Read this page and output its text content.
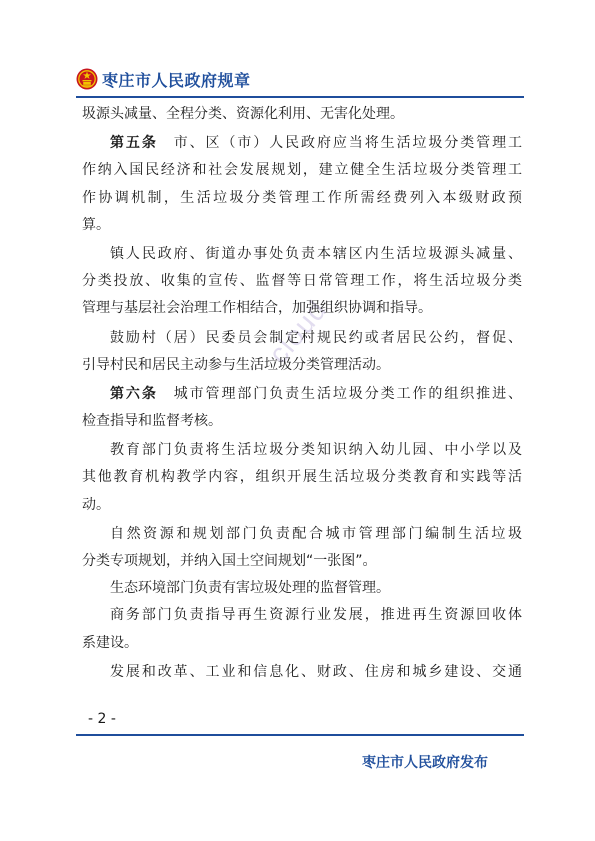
枣庄市人民政府规章
cloud
圾源头减量、全程分类、资源化利用、无害化处理。
第五条　 市、区（市）人民政府应当将生活垃圾分类管理工
作纳入国民经济和社会发展规划，建立健全生活垃圾分类管理工
作协调机制，生活垃圾分类管理工作所需经费列入本级财政预
算。
镇人民政府、街道办事处负责本辖区内生活垃圾源头减量、
分类投放、收集的宣传、监督等日常管理工作，将生活垃圾分类
管理与基层社会治理工作相结合，加强组织协调和指导。
鼓励村（居）民委员会制定村规民约或者居民公约，督促、
引导村民和居民主动参与生活垃圾分类管理活动。
第六条　 城市管理部门负责生活垃圾分类工作的组织推进、
检查指导和监督考核。
教育部门负责将生活垃圾分类知识纳入幼儿园、中小学以及
其他教育机构教学内容，组织开展生活垃圾分类教育和实践等活
动。
自然资源和规划部门负责配合城市管理部门编制生活垃圾
分类专项规划，并纳入国土空间规划“一张图”。
生态环境部门负责有害垃圾处理的监督管理。
商务部门负责指导再生资源行业发展，推进再生资源回收体
系建设。
发展和改革、工业和信息化、财政、住房和城乡建设、交通
- 2 -
枣庄市人民政府发布
